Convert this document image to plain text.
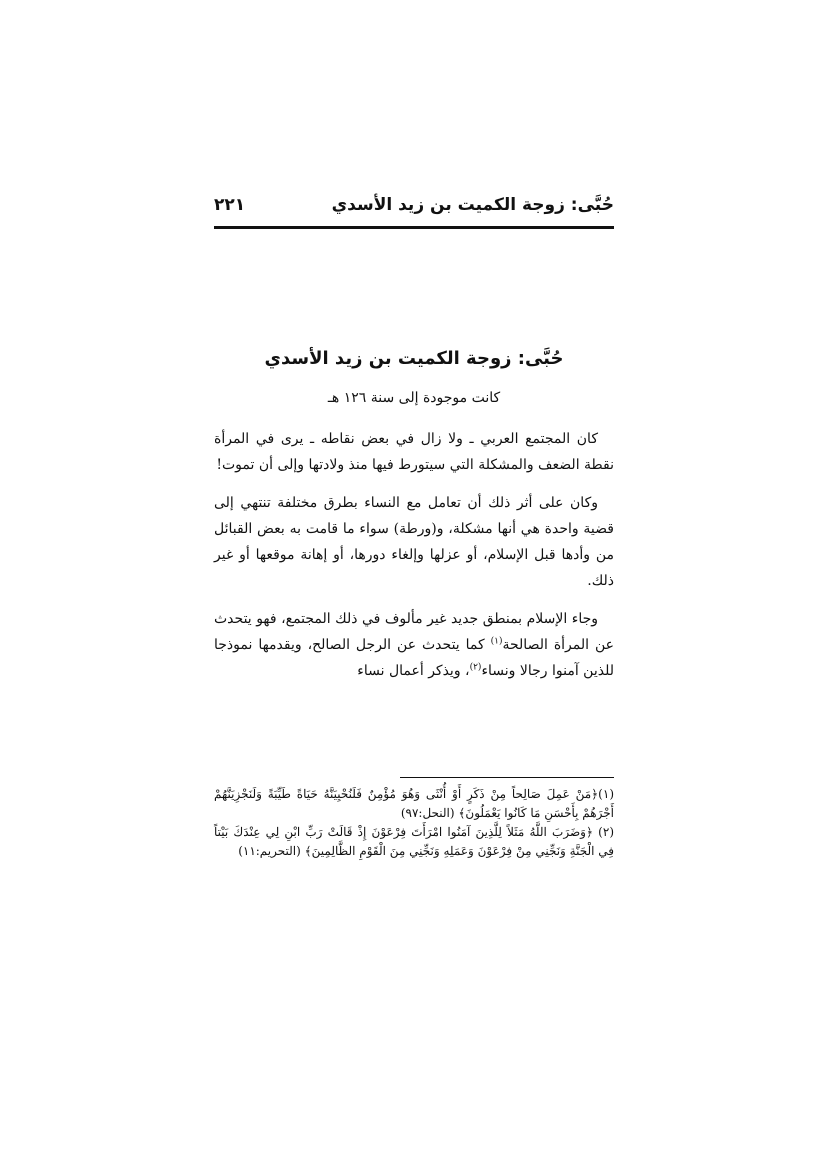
حُبَّى: زوجة الكميت بن زيد الأسدي
٢٢١
حُبَّى: زوجة الكميت بن زيد الأسدي
كانت موجودة إلى سنة ١٢٦ هـ

كان المجتمع العربي ـ ولا زال في بعض نقاطه ـ يرى في المرأة نقطة الضعف والمشكلة التي سيتورط فيها منذ ولادتها وإلى أن تموت!

وكان على أثر ذلك أن تعامل مع النساء بطرق مختلفة تنتهي إلى قضية واحدة هي أنها مشكلة، و(ورطة) سواء ما قامت به بعض القبائل من وأدها قبل الإسلام، أو عزلها وإلغاء دورها، أو إهانة موقعها أو غير ذلك.

وجاء الإسلام بمنطق جديد غير مألوف في ذلك المجتمع، فهو يتحدث عن المرأة الصالحة$^{(١)}$ كما يتحدث عن الرجل الصالح، ويقدمها نموذجا للذين آمنوا رجالا ونساء$^{(٢)}$، ويذكر أعمال نساء

(١)﴿مَنْ عَمِلَ صَالِحاً مِنْ ذَكَرٍ أَوْ أُنْثَى وَهُوَ مُؤْمِنٌ فَلَنُحْيِيَنَّهُ حَيَاةً طَيِّبَةً وَلَنَجْزِيَنَّهُمْ أَجْرَهُمْ بِأَحْسَنِ مَا كَانُوا يَعْمَلُونَ﴾ (النحل:٩٧)

(٢) ﴿وَضَرَبَ اللَّهُ مَثَلاً لِلَّذِينَ آمَنُوا امْرَأَتَ فِرْعَوْنَ إِذْ قَالَتْ رَبِّ ابْنِ لِي عِنْدَكَ بَيْتاً فِي الْجَنَّةِ وَنَجِّنِي مِنْ فِرْعَوْنَ وَعَمَلِهِ وَنَجِّنِي مِنَ الْقَوْمِ الظَّالِمِينَ﴾ (التحريم:١١)
